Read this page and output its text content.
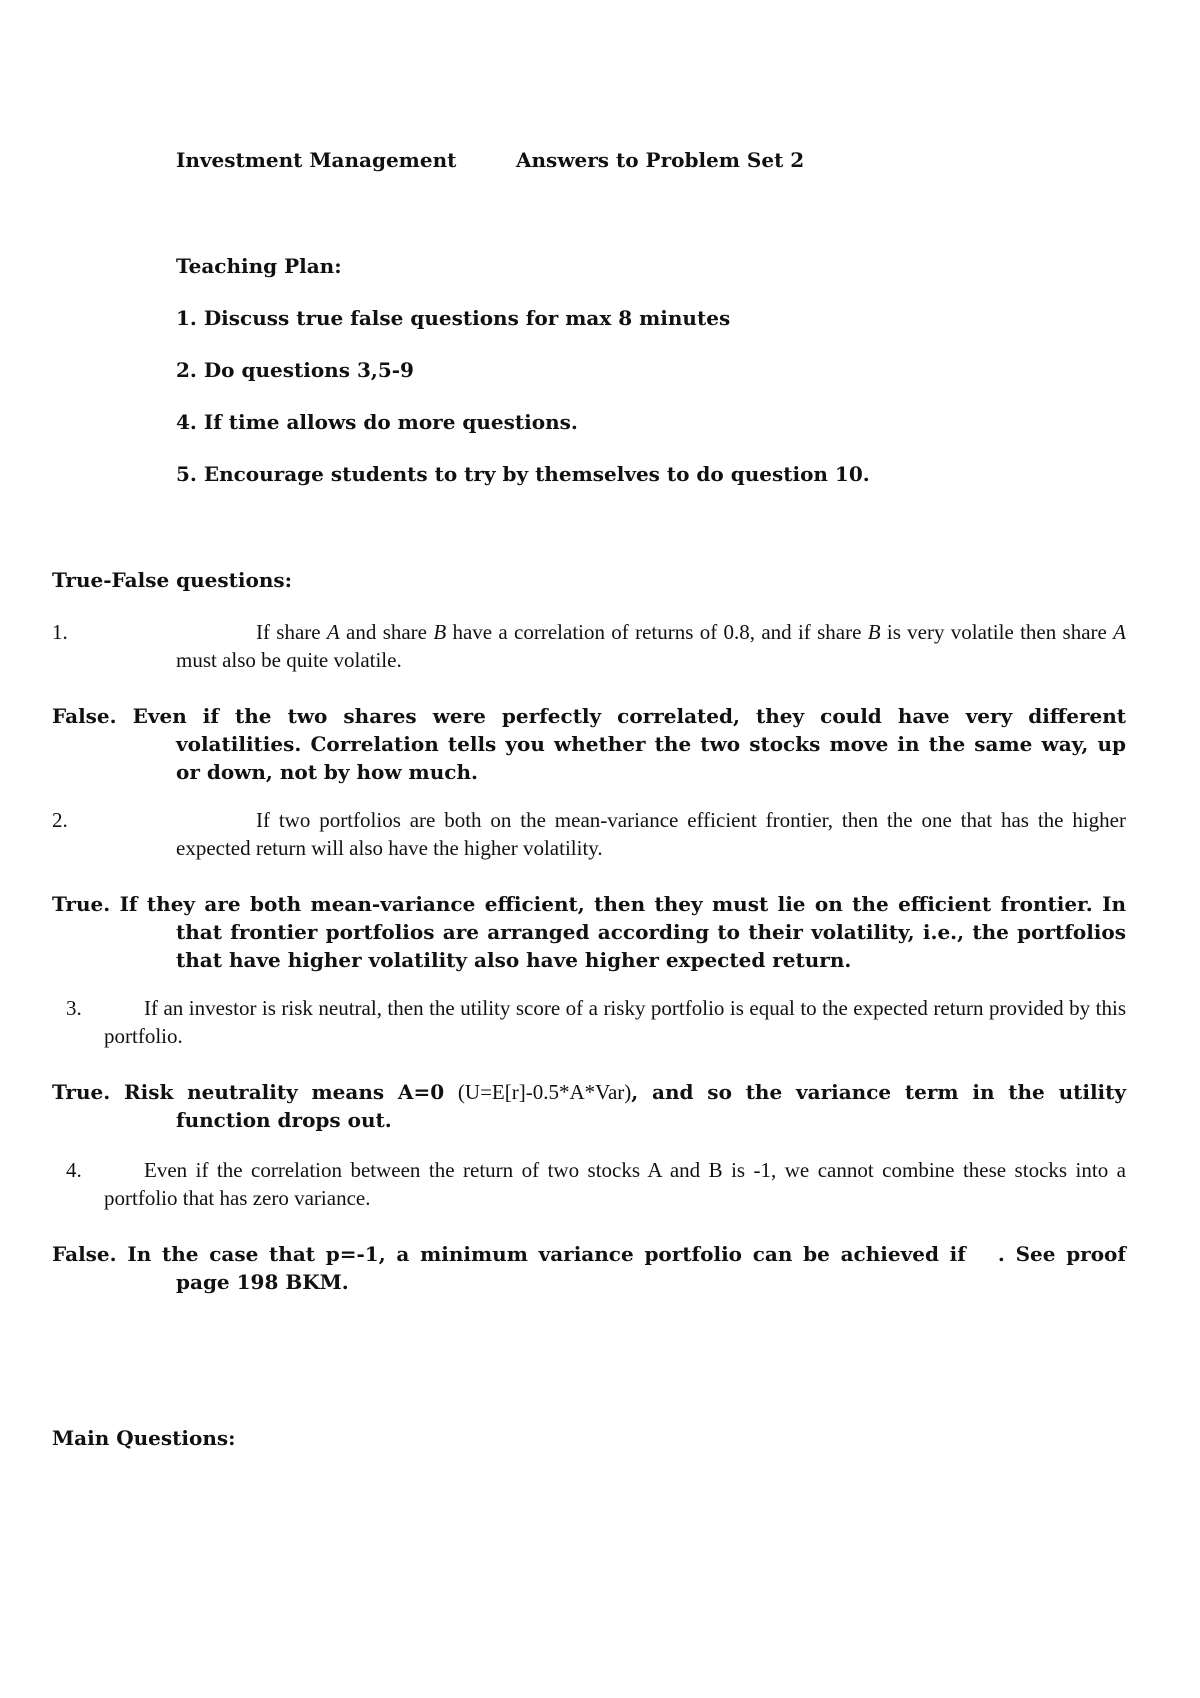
Investment Management	Answers to Problem Set 2
Teaching Plan:
1. Discuss true false questions for max 8 minutes
2. Do questions 3,5-9
4. If time allows do more questions.
5. Encourage students to try by themselves to do question 10.
True-False questions:
1.	If share A and share B have a correlation of returns of 0.8, and if share B is very volatile then share A must also be quite volatile.
False. Even if the two shares were perfectly correlated, they could have very different volatilities. Correlation tells you whether the two stocks move in the same way, up or down, not by how much.
2.	If two portfolios are both on the mean-variance efficient frontier, then the one that has the higher expected return will also have the higher volatility.
True. If they are both mean-variance efficient, then they must lie on the efficient frontier. In that frontier portfolios are arranged according to their volatility, i.e., the portfolios that have higher volatility also have higher expected return.
3.	If an investor is risk neutral, then the utility score of a risky portfolio is equal to the expected return provided by this portfolio.
True. Risk neutrality means A=0 (U=E[r]-0.5*A*Var), and so the variance term in the utility function drops out.
4.	Even if the correlation between the return of two stocks A and B is -1, we cannot combine these stocks into a portfolio that has zero variance.
False. In the case that p=-1, a minimum variance portfolio can be achieved if . See proof page 198 BKM.
Main Questions:
